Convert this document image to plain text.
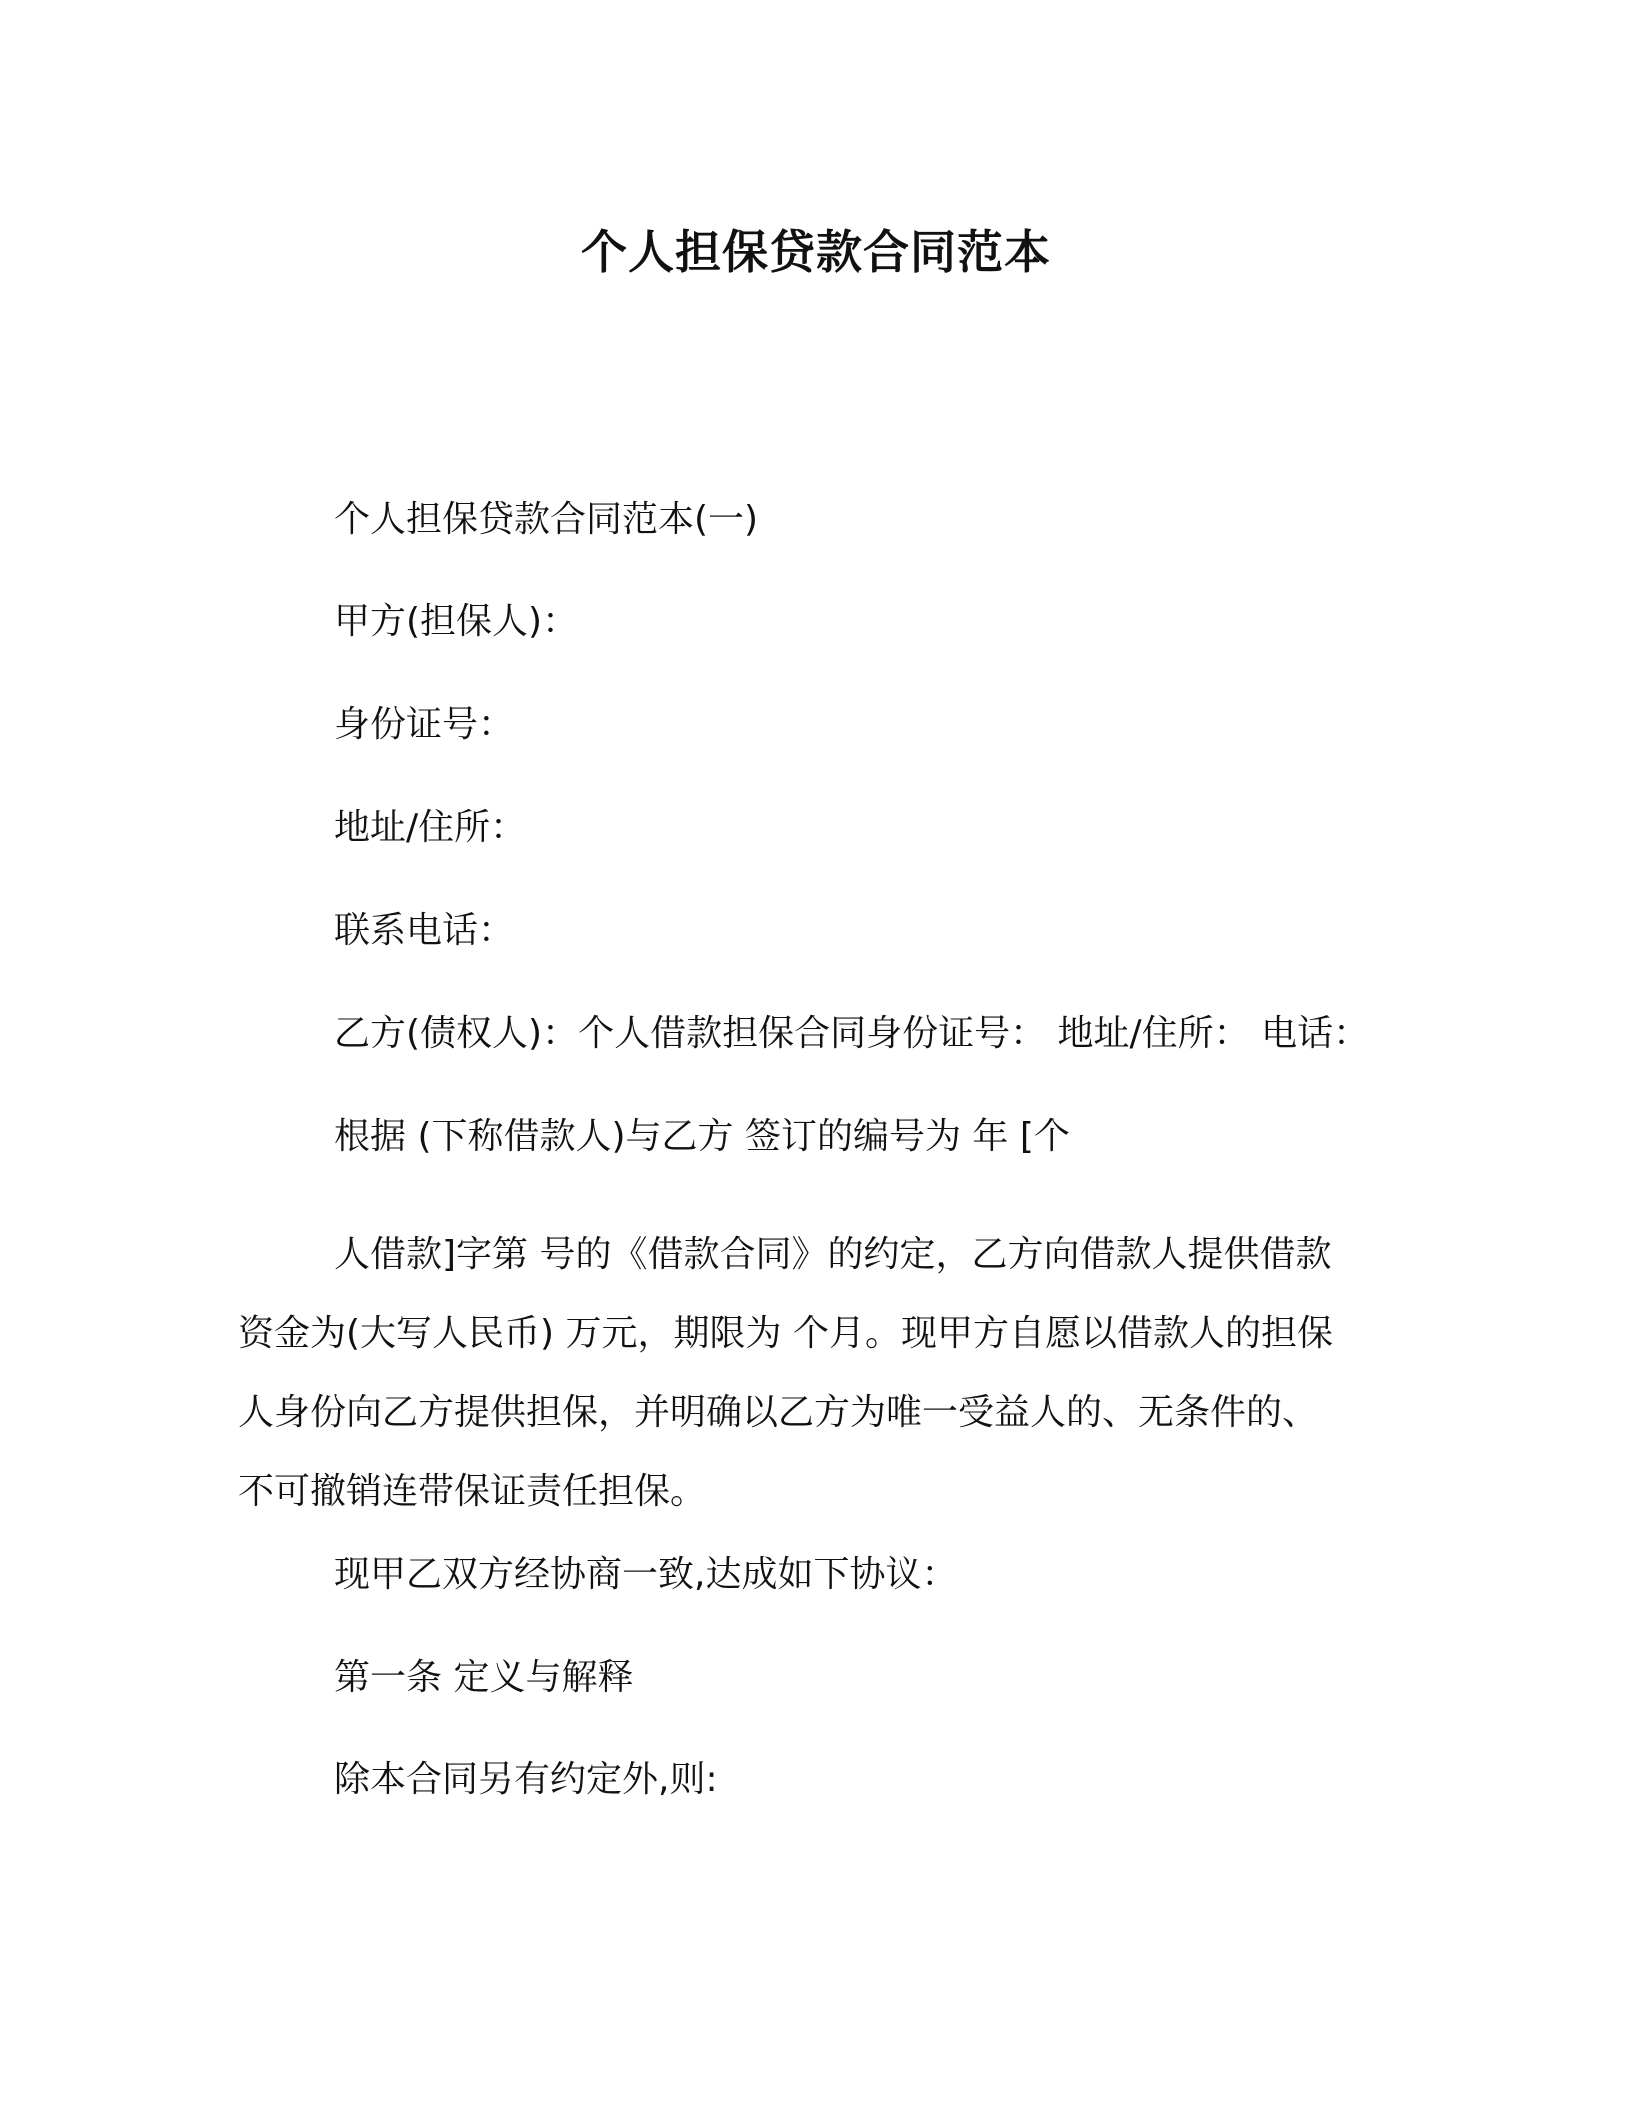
个人担保贷款合同范本
个人担保贷款合同范本(一)
甲方(担保人)：
身份证号：
地址/住所：
联系电话：
乙方(债权人)：个人借款担保合同身份证号： 地址/住所： 电话：
根据 (下称借款人)与乙方 签订的编号为 年 [个
人借款]字第 号的《借款合同》的约定，乙方向借款人提供借款
资金为(大写人民币) 万元，期限为 个月。现甲方自愿以借款人的担保
人身份向乙方提供担保，并明确以乙方为唯一受益人的、无条件的、
不可撤销连带保证责任担保。
现甲乙双方经协商一致,达成如下协议：
第一条 定义与解释
除本合同另有约定外,则:
